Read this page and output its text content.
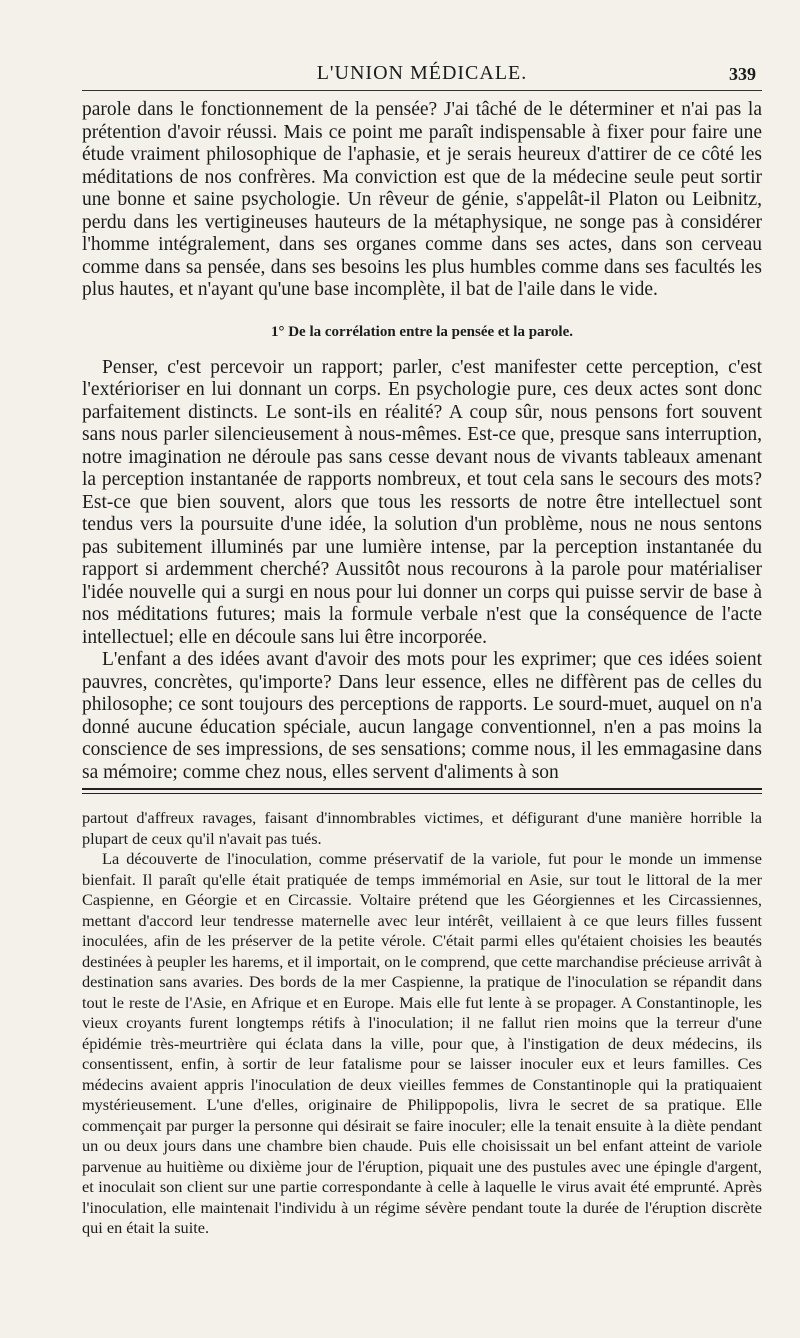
L'UNION MÉDICALE.	339

parole dans le fonctionnement de la pensée? J'ai tâché de le déterminer et n'ai pas la prétention d'avoir réussi. Mais ce point me paraît indispensable à fixer pour faire une étude vraiment philosophique de l'aphasie, et je serais heureux d'attirer de ce côté les méditations de nos confrères. Ma conviction est que de la médecine seule peut sortir une bonne et saine psychologie. Un rêveur de génie, s'appelât-il Platon ou Leibnitz, perdu dans les vertigineuses hauteurs de la métaphysique, ne songe pas à considérer l'homme intégralement, dans ses organes comme dans ses actes, dans son cerveau comme dans sa pensée, dans ses besoins les plus humbles comme dans ses facultés les plus hautes, et n'ayant qu'une base incomplète, il bat de l'aile dans le vide.

1° De la corrélation entre la pensée et la parole.

Penser, c'est percevoir un rapport; parler, c'est manifester cette perception, c'est l'extérioriser en lui donnant un corps. En psychologie pure, ces deux actes sont donc parfaitement distincts. Le sont-ils en réalité? A coup sûr, nous pensons fort souvent sans nous parler silencieusement à nous-mêmes. Est-ce que, presque sans interruption, notre imagination ne déroule pas sans cesse devant nous de vivants tableaux amenant la perception instantanée de rapports nombreux, et tout cela sans le secours des mots? Est-ce que bien souvent, alors que tous les ressorts de notre être intellectuel sont tendus vers la poursuite d'une idée, la solution d'un problème, nous ne nous sentons pas subitement illuminés par une lumière intense, par la perception instantanée du rapport si ardemment cherché? Aussitôt nous recourons à la parole pour matérialiser l'idée nouvelle qui a surgi en nous pour lui donner un corps qui puisse servir de base à nos méditations futures; mais la formule verbale n'est que la conséquence de l'acte intellectuel; elle en découle sans lui être incorporée.

L'enfant a des idées avant d'avoir des mots pour les exprimer; que ces idées soient pauvres, concrètes, qu'importe? Dans leur essence, elles ne diffèrent pas de celles du philosophe; ce sont toujours des perceptions de rapports. Le sourd-muet, auquel on n'a donné aucune éducation spéciale, aucun langage conventionnel, n'en a pas moins la conscience de ses impressions, de ses sensations; comme nous, il les emmagasine dans sa mémoire; comme chez nous, elles servent d'aliments à son

partout d'affreux ravages, faisant d'innombrables victimes, et défigurant d'une manière horrible la plupart de ceux qu'il n'avait pas tués.

La découverte de l'inoculation, comme préservatif de la variole, fut pour le monde un immense bienfait. Il paraît qu'elle était pratiquée de temps immémorial en Asie, sur tout le littoral de la mer Caspienne, en Géorgie et en Circassie. Voltaire prétend que les Géorgiennes et les Circassiennes, mettant d'accord leur tendresse maternelle avec leur intérêt, veillaient à ce que leurs filles fussent inoculées, afin de les préserver de la petite vérole. C'était parmi elles qu'étaient choisies les beautés destinées à peupler les harems, et il importait, on le comprend, que cette marchandise précieuse arrivât à destination sans avaries. Des bords de la mer Caspienne, la pratique de l'inoculation se répandit dans tout le reste de l'Asie, en Afrique et en Europe. Mais elle fut lente à se propager. A Constantinople, les vieux croyants furent longtemps rétifs à l'inoculation; il ne fallut rien moins que la terreur d'une épidémie très-meurtrière qui éclata dans la ville, pour que, à l'instigation de deux médecins, ils consentissent, enfin, à sortir de leur fatalisme pour se laisser inoculer eux et leurs familles. Ces médecins avaient appris l'inoculation de deux vieilles femmes de Constantinople qui la pratiquaient mystérieusement. L'une d'elles, originaire de Philippopolis, livra le secret de sa pratique. Elle commençait par purger la personne qui désirait se faire inoculer; elle la tenait ensuite à la diète pendant un ou deux jours dans une chambre bien chaude. Puis elle choisissait un bel enfant atteint de variole parvenue au huitième ou dixième jour de l'éruption, piquait une des pustules avec une épingle d'argent, et inoculait son client sur une partie correspondante à celle à laquelle le virus avait été emprunté. Après l'inoculation, elle maintenait l'individu à un régime sévère pendant toute la durée de l'éruption discrète qui en était la suite.
